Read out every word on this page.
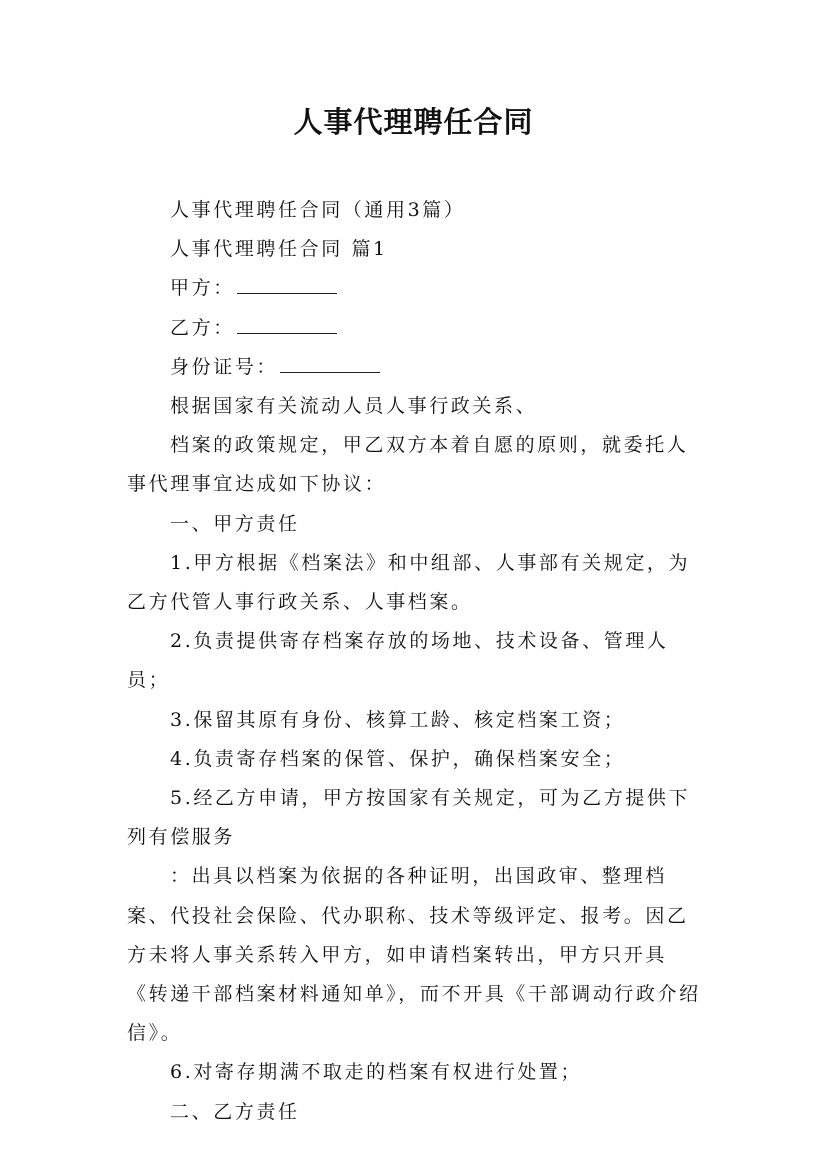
人事代理聘任合同

人事代理聘任合同（通用3篇）

人事代理聘任合同 篇1

甲方：

乙方：

身份证号：

根据国家有关流动人员人事行政关系、

档案的政策规定，甲乙双方本着自愿的原则，就委托人事代理事宜达成如下协议：

一、甲方责任

1.甲方根据《档案法》和中组部、人事部有关规定，为乙方代管人事行政关系、人事档案。

2.负责提供寄存档案存放的场地、技术设备、管理人员；

3.保留其原有身份、核算工龄、核定档案工资；

4.负责寄存档案的保管、保护，确保档案安全；

5.经乙方申请，甲方按国家有关规定，可为乙方提供下列有偿服务

：出具以档案为依据的各种证明，出国政审、整理档案、代投社会保险、代办职称、技术等级评定、报考。因乙方未将人事关系转入甲方，如申请档案转出，甲方只开具《转递干部档案材料通知单》，而不开具《干部调动行政介绍信》。

6.对寄存期满不取走的档案有权进行处置；

二、乙方责任
